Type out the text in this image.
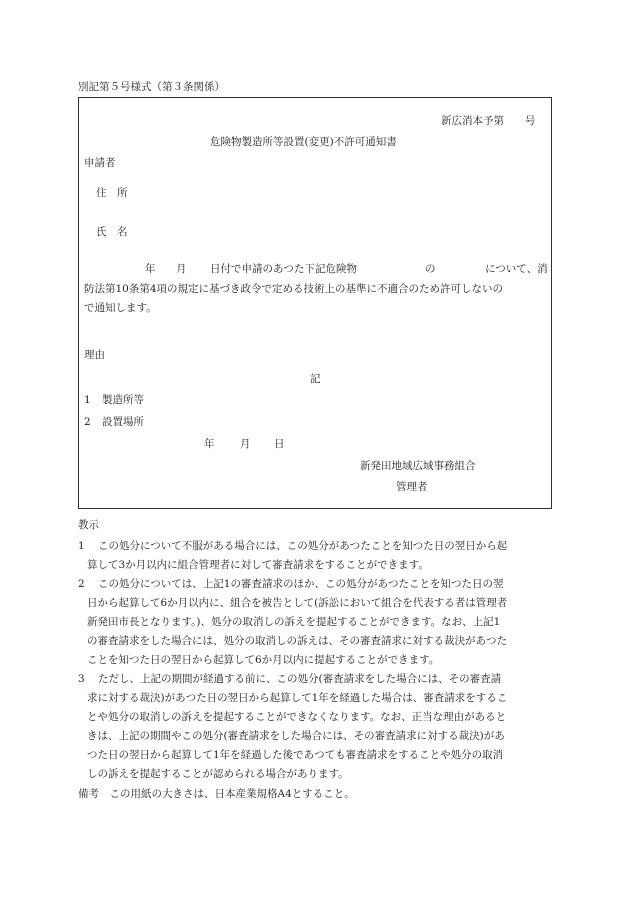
別記第５号様式（第３条関係）
新広消本予第　　号
危険物製造所等設置(変更)不許可通知書
申請者
住　所
氏　名
年 月 日付で申請のあつた下記危険物	の	について、消
防法第10条第4項の規定に基づき政令で定める技術上の基準に不適合のため許可しないの
で通知します。
理由
記
1 製造所等
2 設置場所
年 月 日
新発田地域広域事務組合
管理者
教示
1 この処分について不服がある場合には、この処分があつたことを知つた日の翌日から起
算して3か月以内に組合管理者に対して審査請求をすることができます。
2 この処分については、上記1の審査請求のほか、この処分があつたことを知つた日の翌
日から起算して6か月以内に、組合を被告として(訴訟において組合を代表する者は管理者
新発田市長となります。)、処分の取消しの訴えを提起することができます。なお、上記1
の審査請求をした場合には、処分の取消しの訴えは、その審査請求に対する裁決があつた
ことを知つた日の翌日から起算して6か月以内に提起することができます。
3 ただし、上記の期間が経過する前に、この処分(審査請求をした場合には、その審査請
求に対する裁決)があつた日の翌日から起算して1年を経過した場合は、審査請求をするこ
とや処分の取消しの訴えを提起することができなくなります。なお、正当な理由があると
きは、上記の期間やこの処分(審査請求をした場合には、その審査請求に対する裁決)があ
つた日の翌日から起算して1年を経過した後であつても審査請求をすることや処分の取消
しの訴えを提起することが認められる場合があります。
備考　この用紙の大きさは、日本産業規格A4とすること。
